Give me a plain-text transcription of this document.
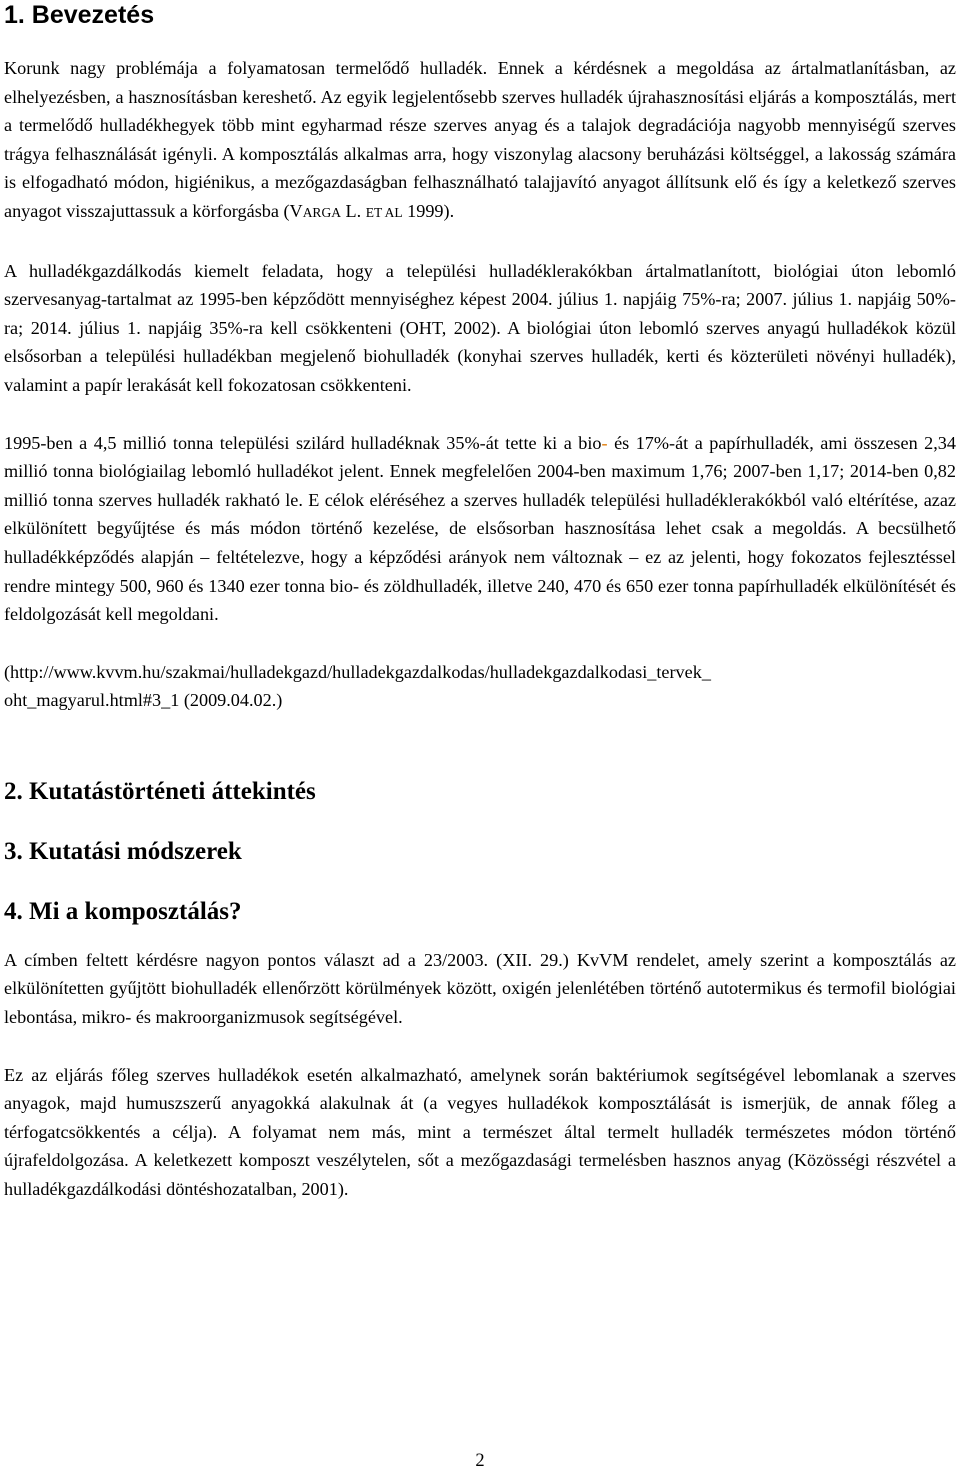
1. Bevezetés

Korunk nagy problémája a folyamatosan termelődő hulladék. Ennek a kérdésnek a megoldása az ártalmatlanításban, az elhelyezésben, a hasznosításban kereshető. Az egyik legjelentősebb szerves hulladék újrahasznosítási eljárás a komposztálás, mert a termelődő hulladékhegyek több mint egyharmad része szerves anyag és a talajok degradációja nagyobb mennyiségű szerves trágya felhasználását igényli. A komposztálás alkalmas arra, hogy viszonylag alacsony beruházási költséggel, a lakosság számára is elfogadható módon, higiénikus, a mezőgazdaságban felhasználható talajjavító anyagot állítsunk elő és így a keletkező szerves anyagot visszajuttassuk a körforgásba (VARGA L. ET AL 1999).

A hulladékgazdálkodás kiemelt feladata, hogy a települési hulladéklerakókban ártalmatlanított, biológiai úton lebomló szervesanyag-tartalmat az 1995-ben képződött mennyiséghez képest 2004. július 1. napjáig 75%-ra; 2007. július 1. napjáig 50%-ra; 2014. július 1. napjáig 35%-ra kell csökkenteni (OHT, 2002). A biológiai úton lebomló szerves anyagú hulladékok közül elsősorban a települési hulladékban megjelenő biohulladék (konyhai szerves hulladék, kerti és közterületi növényi hulladék), valamint a papír lerakását kell fokozatosan csökkenteni.

1995-ben a 4,5 millió tonna települési szilárd hulladéknak 35%-át tette ki a bio- és 17%-át a papírhulladék, ami összesen 2,34 millió tonna biológiailag lebomló hulladékot jelent. Ennek megfelelően 2004-ben maximum 1,76; 2007-ben 1,17; 2014-ben 0,82 millió tonna szerves hulladék rakható le. E célok eléréséhez a szerves hulladék települési hulladéklerakókból való eltérítése, azaz elkülönített begyűjtése és más módon történő kezelése, de elsősorban hasznosítása lehet csak a megoldás. A becsülhető hulladékképződés alapján – feltételezve, hogy a képződési arányok nem változnak – ez az jelenti, hogy fokozatos fejlesztéssel rendre mintegy 500, 960 és 1340 ezer tonna bio- és zöldhulladék, illetve 240, 470 és 650 ezer tonna papírhulladék elkülönítését és feldolgozását kell megoldani.

(http://www.kvvm.hu/szakmai/hulladekgazd/hulladekgazdalkodas/hulladekgazdalkodasi_tervek_
oht_magyarul.html#3_1 (2009.04.02.)

2. Kutatástörténeti áttekintés
3. Kutatási módszerek
4. Mi a komposztálás?

A címben feltett kérdésre nagyon pontos választ ad a 23/2003. (XII. 29.) KvVM rendelet, amely szerint a komposztálás az elkülönítetten gyűjtött biohulladék ellenőrzött körülmények között, oxigén jelenlétében történő autotermikus és termofil biológiai lebontása, mikro- és makroorganizmusok segítségével.

Ez az eljárás főleg szerves hulladékok esetén alkalmazható, amelynek során baktériumok segítségével lebomlanak a szerves anyagok, majd humuszszerű anyagokká alakulnak át (a vegyes hulladékok komposztálását is ismerjük, de annak főleg a térfogatcsökkentés a célja). A folyamat nem más, mint a természet által termelt hulladék természetes módon történő újrafeldolgozása. A keletkezett komposzt veszélytelen, sőt a mezőgazdasági termelésben hasznos anyag (Közösségi részvétel a hulladékgazdálkodási döntéshozatalban, 2001).

2
